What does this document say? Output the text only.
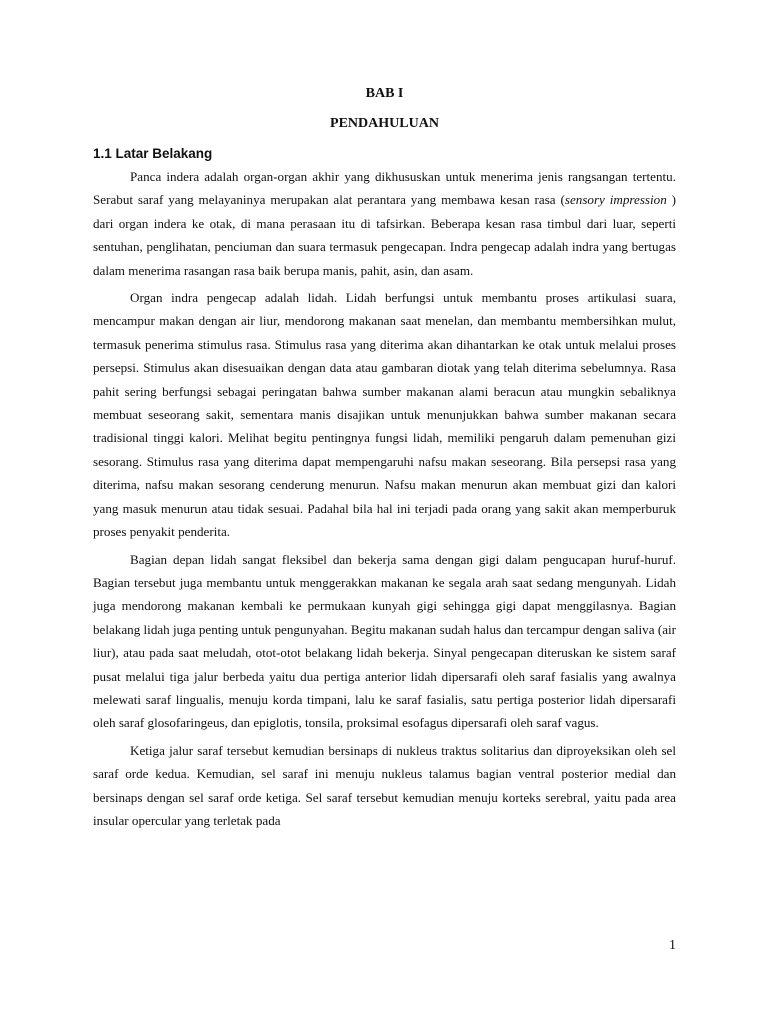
BAB I

PENDAHULUAN

1.1 Latar Belakang

Panca indera adalah organ-organ akhir yang dikhususkan untuk menerima jenis rangsangan tertentu. Serabut saraf yang melayaninya merupakan alat perantara yang membawa kesan rasa (sensory impression ) dari organ indera ke otak, di mana perasaan itu di tafsirkan. Beberapa kesan rasa timbul dari luar, seperti sentuhan, penglihatan, penciuman dan suara termasuk pengecapan. Indra pengecap adalah indra yang bertugas dalam menerima rasangan rasa baik berupa manis, pahit, asin, dan asam.

Organ indra pengecap adalah lidah. Lidah berfungsi untuk membantu proses artikulasi suara, mencampur makan dengan air liur, mendorong makanan saat menelan, dan membantu membersihkan mulut, termasuk penerima stimulus rasa. Stimulus rasa yang diterima akan dihantarkan ke otak untuk melalui proses persepsi. Stimulus akan disesuaikan dengan data atau gambaran diotak yang telah diterima sebelumnya. Rasa pahit sering berfungsi sebagai peringatan bahwa sumber makanan alami beracun atau mungkin sebaliknya membuat seseorang sakit, sementara manis disajikan untuk menunjukkan bahwa sumber makanan secara tradisional tinggi kalori. Melihat begitu pentingnya fungsi lidah, memiliki pengaruh dalam pemenuhan gizi sesorang. Stimulus rasa yang diterima dapat mempengaruhi nafsu makan seseorang. Bila persepsi rasa yang diterima, nafsu makan sesorang cenderung menurun. Nafsu makan menurun akan membuat gizi dan kalori yang masuk menurun atau tidak sesuai. Padahal bila hal ini terjadi pada orang yang sakit akan memperburuk proses penyakit penderita.

Bagian depan lidah sangat fleksibel dan bekerja sama dengan gigi dalam pengucapan huruf-huruf. Bagian tersebut juga membantu untuk menggerakkan makanan ke segala arah saat sedang mengunyah. Lidah juga mendorong makanan kembali ke permukaan kunyah gigi sehingga gigi dapat menggilasnya. Bagian belakang lidah juga penting untuk pengunyahan. Begitu makanan sudah halus dan tercampur dengan saliva (air liur), atau pada saat meludah, otot-otot belakang lidah bekerja. Sinyal pengecapan diteruskan ke sistem saraf pusat melalui tiga jalur berbeda yaitu dua pertiga anterior lidah dipersarafi oleh saraf fasialis yang awalnya melewati saraf lingualis, menuju korda timpani, lalu ke saraf fasialis, satu pertiga posterior lidah dipersarafi oleh saraf glosofaringeus, dan epiglotis, tonsila, proksimal esofagus dipersarafi oleh saraf vagus.

Ketiga jalur saraf tersebut kemudian bersinaps di nukleus traktus solitarius dan diproyeksikan oleh sel saraf orde kedua. Kemudian, sel saraf ini menuju nukleus talamus bagian ventral posterior medial dan bersinaps dengan sel saraf orde ketiga. Sel saraf tersebut kemudian menuju korteks serebral, yaitu pada area insular opercular yang terletak pada

1
